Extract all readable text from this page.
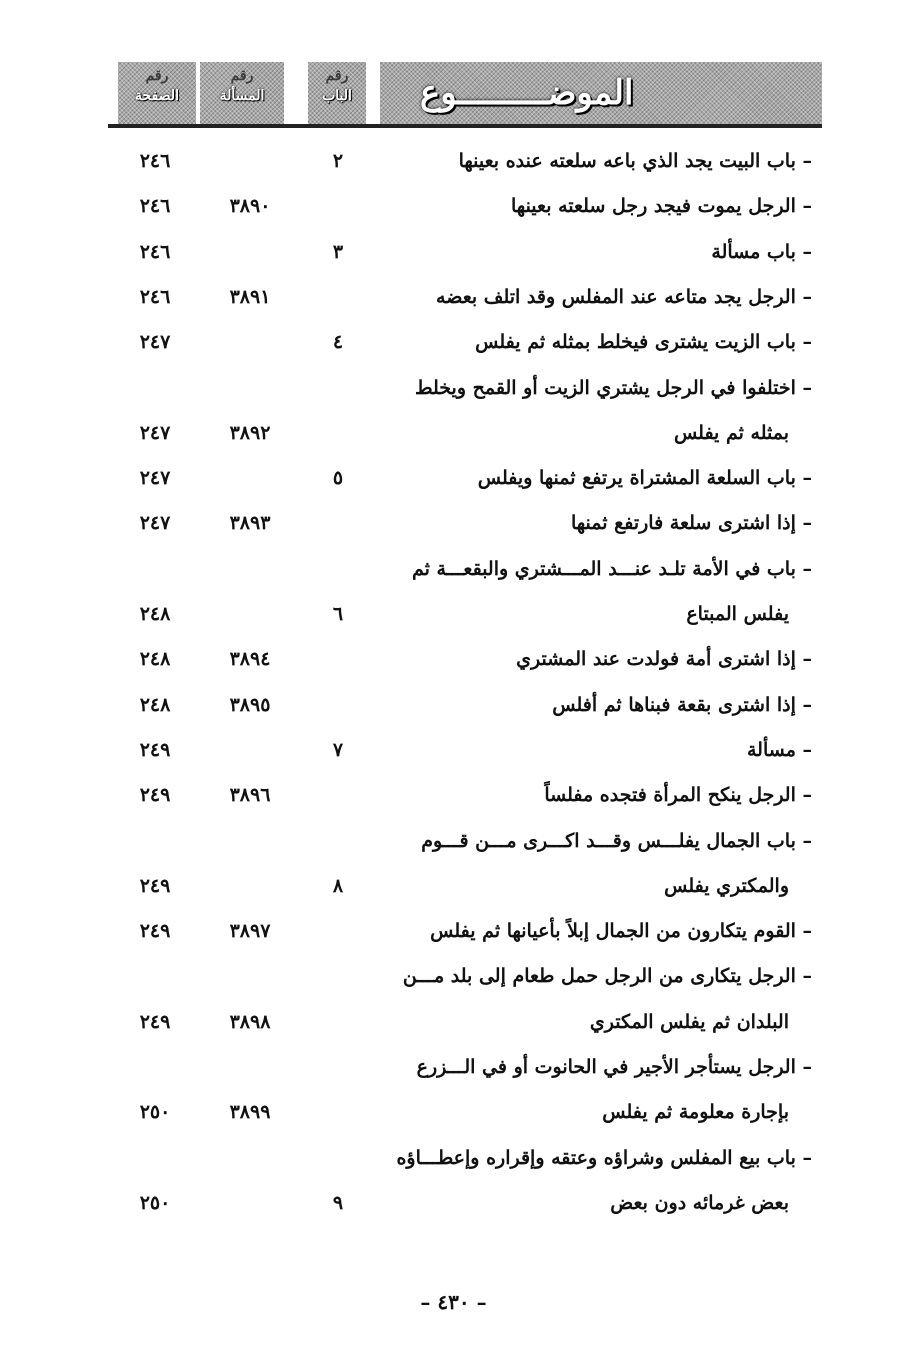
رقم
الصفحة
رقم
المسألة
رقم
الباب	الموضـــــــــوع
– باب البيت يجد الذي باعه سلعته عنده بعينها
٢
٢٤٦
– الرجل يموت فيجد رجل سلعته بعينها
٣٨٩٠
٢٤٦
– باب مسألة
٣
٢٤٦
– الرجل يجد متاعه عند المفلس وقد اتلف بعضه
٣٨٩١
٢٤٦
– باب الزيت يشترى فيخلط بمثله ثم يفلس
٤
٢٤٧
– اختلفوا في الرجل يشتري الزيت أو القمح ويخلط
بمثله ثم يفلس
٣٨٩٢
٢٤٧
– باب السلعة المشتراة يرتفع ثمنها ويفلس
٥
٢٤٧
– إذا اشترى سلعة فارتفع ثمنها
٣٨٩٣
٢٤٧
– باب في الأمة تلـد عنـــد المـــشتري والبقعـــة ثم
يفلس المبتاع
٦
٢٤٨
– إذا اشترى أمة فولدت عند المشتري
٣٨٩٤
٢٤٨
– إذا اشترى بقعة فبناها ثم أفلس
٣٨٩٥
٢٤٨
– مسألة
٧
٢٤٩
– الرجل ينكح المرأة فتجده مفلساً
٣٨٩٦
٢٤٩
– باب الجمال يفلـــس وقـــد اكـــرى مـــن قـــوم
والمكتري يفلس
٨
٢٤٩
– القوم يتكارون من الجمال إبلاً بأعيانها ثم يفلس
٣٨٩٧
٢٤٩
– الرجل يتكارى من الرجل حمل طعام إلى بلد مـــن
البلدان ثم يفلس المكتري
٣٨٩٨
٢٤٩
– الرجل يستأجر الأجير في الحانوت أو في الـــزرع
بإجارة معلومة ثم يفلس
٣٨٩٩
٢٥٠
– باب بيع المفلس وشراؤه وعتقه وإقراره وإعطـــاؤه
بعض غرمائه دون بعض
٩
٢٥٠
– ٤٣٠ –
